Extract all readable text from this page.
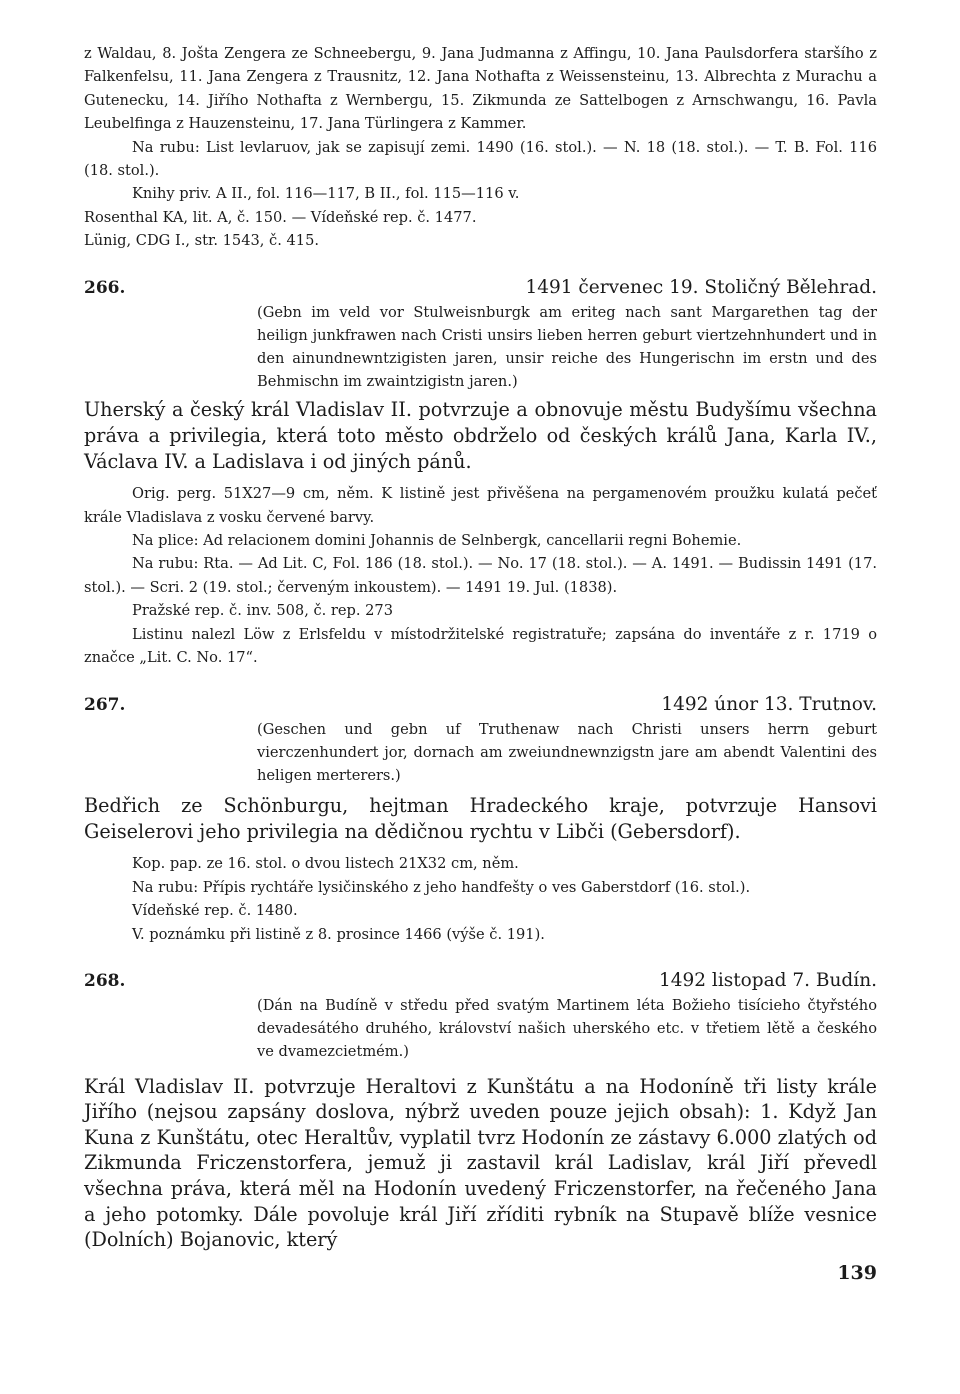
z Waldau, 8. Jošta Zengera ze Schneebergu, 9. Jana Judmanna z Affingu, 10. Jana Paulsdorfera staršího z Falkenfelsu, 11. Jana Zengera z Trausnitz, 12. Jana Nothafta z Weissensteinu, 13. Albrechta z Murachu a Gutenecku, 14. Jiřího Nothafta z Wernbergu, 15. Zikmunda ze Sattelbogen z Arnschwangu, 16. Pavla Leubelfinga z Hauzensteinu, 17. Jana Türlingera z Kammer.

Na rubu: List levlaruov, jak se zapisují zemi. 1490 (16. stol.). — N. 18 (18. stol.). — T. B. Fol. 116 (18. stol.).

Knihy priv. A II., fol. 116—117, B II., fol. 115—116 v.
Rosenthal KA, lit. A, č. 150. — Vídeňské rep. č. 1477.
Lünig, CDG I., str. 1543, č. 415.

266.	1491 červenec 19. Stoličný Bělehrad.

(Gebn im veld vor Stulweisnburgk am eriteg nach sant Margarethen tag der heilign junkfrawen nach Cristi unsirs lieben herren geburt viertzehnhundert und in den ainundnewntzigisten jaren, unsir reiche des Hungerischn im erstn und des Behmischn im zwaintzigistn jaren.)

Uherský a český král Vladislav II. potvrzuje a obnovuje městu Budyšímu všechna práva a privilegia, která toto město obdrželo od českých králů Jana, Karla IV., Václava IV. a Ladislava i od jiných pánů.

Orig. perg. 51X27—9 cm, něm. K listině jest přivěšena na pergamenovém proužku kulatá pečeť krále Vladislava z vosku červené barvy.

Na plice: Ad relacionem domini Johannis de Selnbergk, cancellarii regni Bohemie.

Na rubu: Rta. — Ad Lit. C, Fol. 186 (18. stol.). — No. 17 (18. stol.). — A. 1491. — Budissin 1491 (17. stol.). — Scri. 2 (19. stol.; červeným inkoustem). — 1491 19. Jul. (1838).

Pražské rep. č. inv. 508, č. rep. 273

Listinu nalezl Löw z Erlsfeldu v místodržitelské registratuře; zapsána do inventáře z r. 1719 o značce „Lit. C. No. 17“.

267.	1492 únor 13. Trutnov.

(Geschen und gebn uf Truthenaw nach Christi unsers herrn geburt vierczenhundert jor, dornach am zweiundnewnzigstn jare am abendt Valentini des heligen merterers.)

Bedřich ze Schönburgu, hejtman Hradeckého kraje, potvrzuje Hansovi Geiselerovi jeho privilegia na dědičnou rychtu v Libči (Gebersdorf).

Kop. pap. ze 16. stol. o dvou listech 21X32 cm, něm.

Na rubu: Přípis rychtáře lysičinského z jeho handfešty o ves Gaberstdorf (16. stol.).

Vídeňské rep. č. 1480.

V. poznámku při listině z 8. prosince 1466 (výše č. 191).

268.	1492 listopad 7. Budín.

(Dán na Budíně v středu před svatým Martinem léta Božieho tisícieho čtyřstého devadesátého druhého, království našich uherského etc. v třetiem lětě a českého ve dvamezcietmém.)

Král Vladislav II. potvrzuje Heraltovi z Kunštátu a na Hodoníně tři listy krále Jiřího (nejsou zapsány doslova, nýbrž uveden pouze jejich obsah): 1. Když Jan Kuna z Kunštátu, otec Heraltův, vyplatil tvrz Hodonín ze zástavy 6.000 zlatých od Zikmunda Friczenstorfera, jemuž ji zastavil král Ladislav, král Jiří převedl všechna práva, která měl na Hodonín uvedený Friczenstorfer, na řečeného Jana a jeho potomky. Dále povoluje král Jiří zříditi rybník na Stupavě blíže vesnice (Dolních) Bojanovic, který

139
